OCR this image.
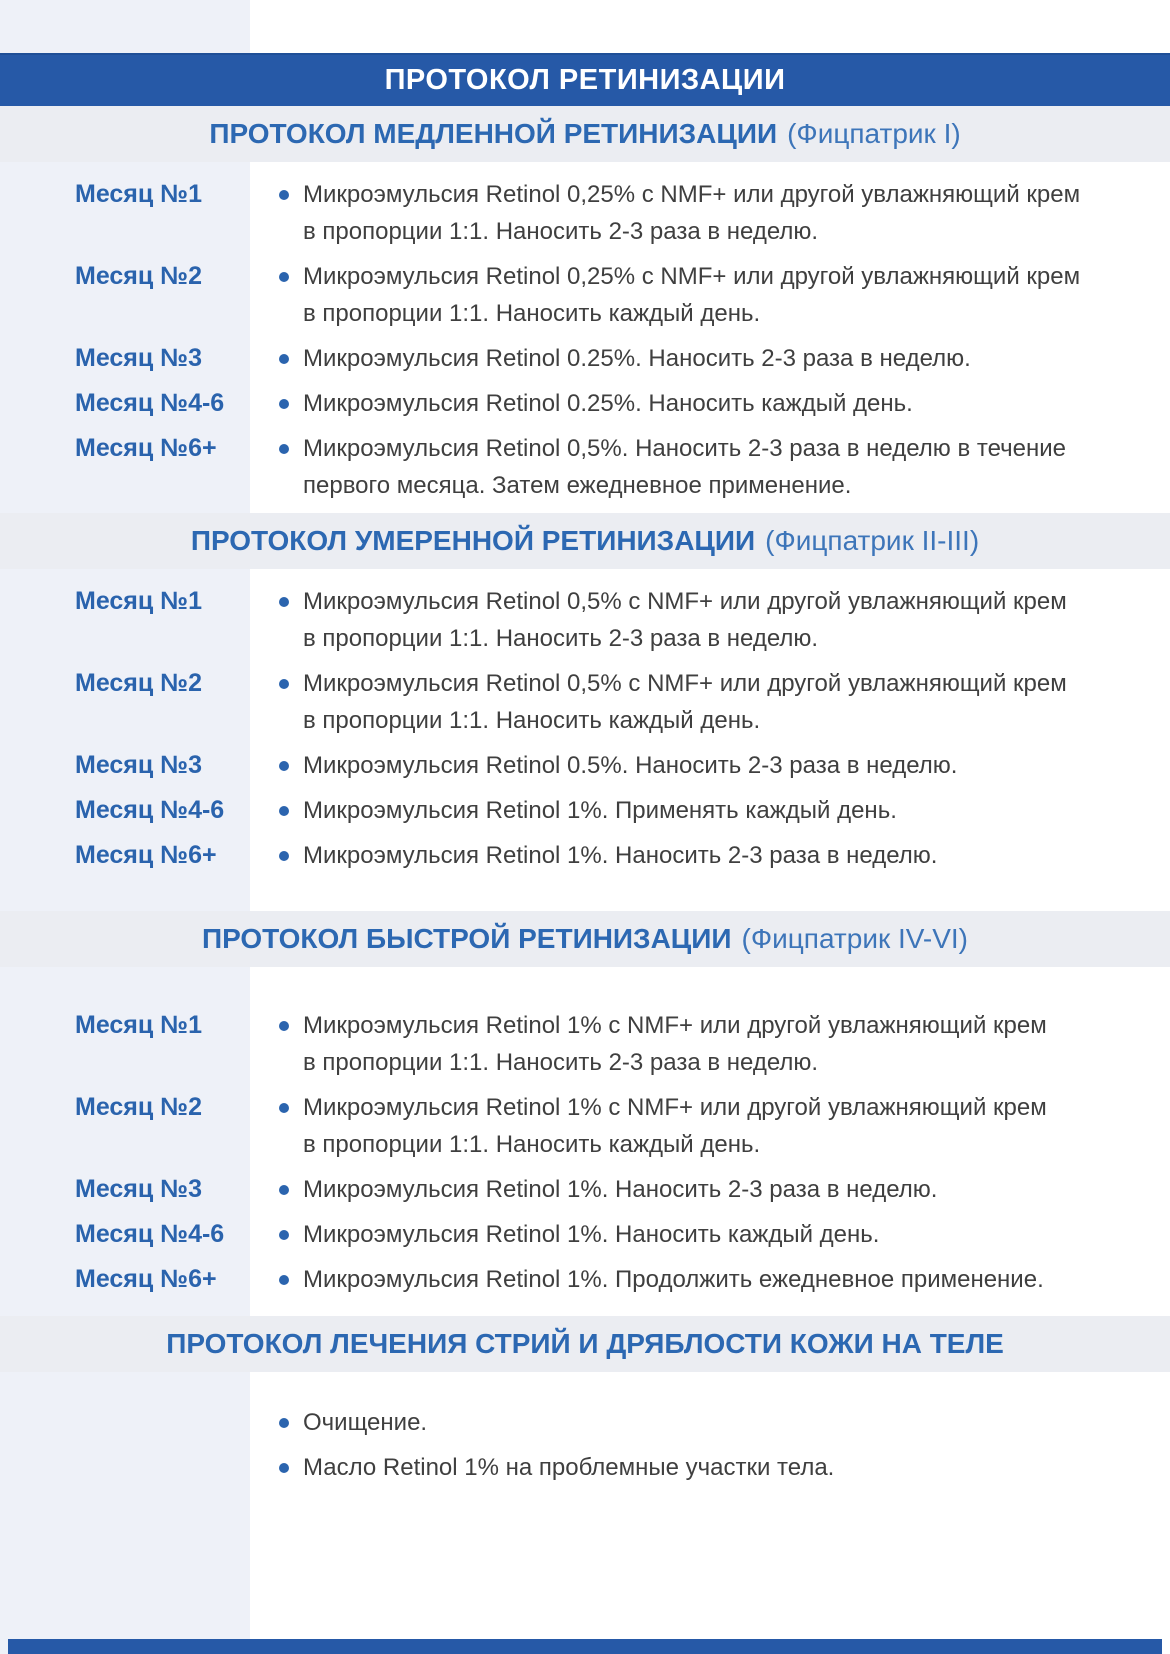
ПРОТОКОЛ РЕТИНИЗАЦИИ
ПРОТОКОЛ МЕДЛЕННОЙ РЕТИНИЗАЦИИ (Фицпатрик I)
Месяц №1	Микроэмульсия Retinol 0,25% с NMF+ или другой увлажняющий крем
в пропорции 1:1. Наносить 2-3 раза в неделю.
Месяц №2	Микроэмульсия Retinol 0,25% с NMF+ или другой увлажняющий крем
в пропорции 1:1. Наносить каждый день.
Месяц №3	Микроэмульсия Retinol 0.25%. Наносить 2-3 раза в неделю.
Месяц №4-6	Микроэмульсия Retinol 0.25%. Наносить каждый день.
Месяц №6+	Микроэмульсия Retinol 0,5%. Наносить 2-3 раза в неделю в течение
первого месяца. Затем ежедневное применение.
ПРОТОКОЛ УМЕРЕННОЙ РЕТИНИЗАЦИИ (Фицпатрик II-III)
Месяц №1	Микроэмульсия Retinol 0,5% с NMF+ или другой увлажняющий крем
в пропорции 1:1. Наносить 2-3 раза в неделю.
Месяц №2	Микроэмульсия Retinol 0,5% с NMF+ или другой увлажняющий крем
в пропорции 1:1. Наносить каждый день.
Месяц №3	Микроэмульсия Retinol 0.5%. Наносить 2-3 раза в неделю.
Месяц №4-6	Микроэмульсия Retinol 1%. Применять каждый день.
Месяц №6+	Микроэмульсия Retinol 1%. Наносить 2-3 раза в неделю.
ПРОТОКОЛ БЫСТРОЙ РЕТИНИЗАЦИИ (Фицпатрик IV-VI)
Месяц №1	Микроэмульсия Retinol 1% с NMF+ или другой увлажняющий крем
в пропорции 1:1. Наносить 2-3 раза в неделю.
Месяц №2	Микроэмульсия Retinol 1% с NMF+ или другой увлажняющий крем
в пропорции 1:1. Наносить каждый день.
Месяц №3	Микроэмульсия Retinol 1%. Наносить 2-3 раза в неделю.
Месяц №4-6	Микроэмульсия Retinol 1%. Наносить каждый день.
Месяц №6+	Микроэмульсия Retinol 1%. Продолжить ежедневное применение.
ПРОТОКОЛ ЛЕЧЕНИЯ СТРИЙ И ДРЯБЛОСТИ КОЖИ НА ТЕЛЕ
Очищение.
Масло Retinol 1% на проблемные участки тела.
